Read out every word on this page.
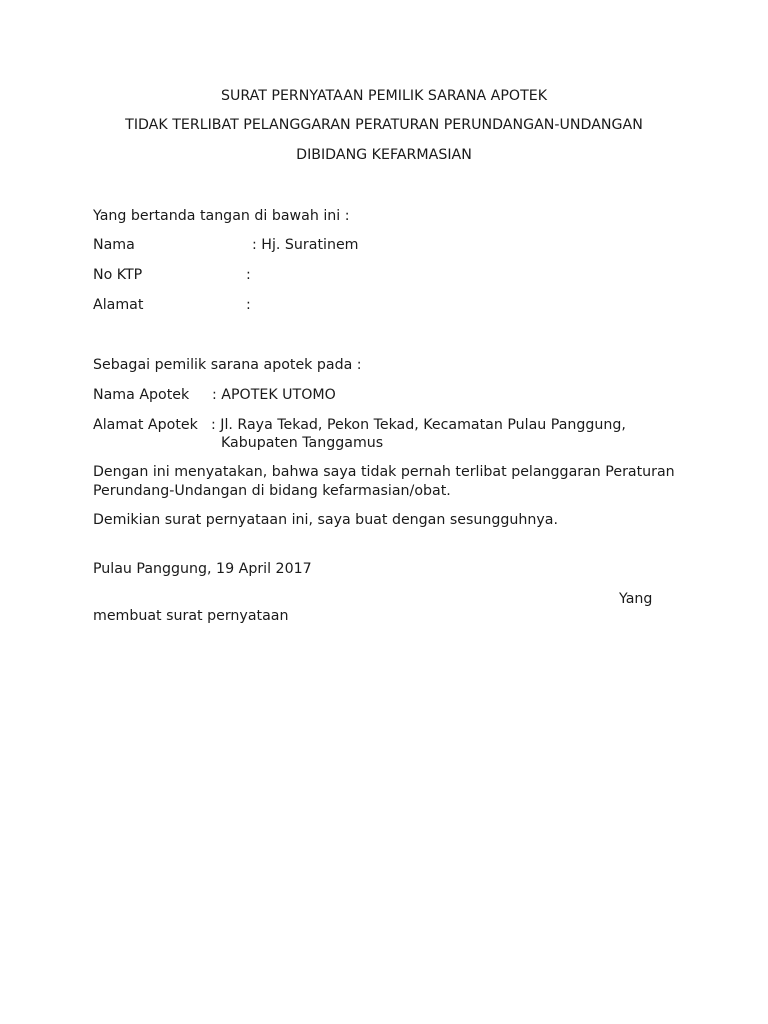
SURAT PERNYATAAN PEMILIK SARANA APOTEK
TIDAK TERLIBAT PELANGGARAN PERATURAN PERUNDANGAN-UNDANGAN
DIBIDANG KEFARMASIAN
Yang bertanda tangan di bawah ini :
Nama	: Hj. Suratinem
No KTP	:
Alamat	:
Sebagai pemilik sarana apotek pada :
Nama Apotek : APOTEK UTOMO
Alamat Apotek : Jl. Raya Tekad, Pekon Tekad, Kecamatan Pulau Panggung,
Kabupaten Tanggamus
Dengan ini menyatakan, bahwa saya tidak pernah terlibat pelanggaran Peraturan
Perundang-Undangan di bidang kefarmasian/obat.
Demikian surat pernyataan ini, saya buat dengan sesungguhnya.
Pulau Panggung, 19 April 2017
Yang
membuat surat pernyataan
